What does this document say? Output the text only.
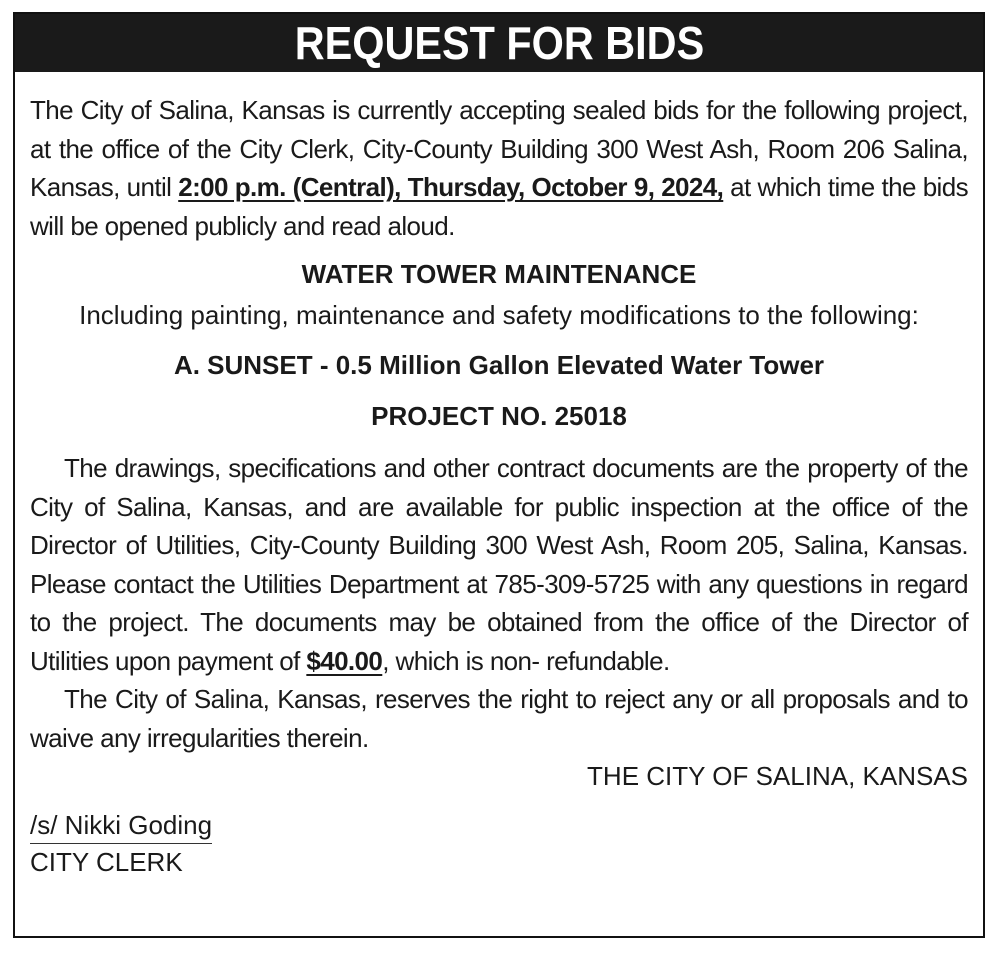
REQUEST FOR BIDS

The City of Salina, Kansas is currently accepting sealed bids for the following project, at the office of the City Clerk, City-County Building 300 West Ash, Room 206 Salina, Kansas, until 2:00 p.m. (Central), Thursday, October 9, 2024, at which time the bids will be opened publicly and read aloud.

WATER TOWER MAINTENANCE

Including painting, maintenance and safety modifications to the following:

A. SUNSET - 0.5 Million Gallon Elevated Water Tower

PROJECT NO. 25018

The drawings, specifications and other contract documents are the property of the City of Salina, Kansas, and are available for public inspection at the office of the Director of Utilities, City-County Building 300 West Ash, Room 205, Salina, Kansas. Please contact the Utilities Department at 785-309-5725 with any questions in regard to the project. The documents may be obtained from the office of the Director of Utilities upon payment of $40.00, which is non- refundable.

The City of Salina, Kansas, reserves the right to reject any or all proposals and to waive any irregularities therein.

THE CITY OF SALINA, KANSAS

/s/ Nikki Goding
CITY CLERK
